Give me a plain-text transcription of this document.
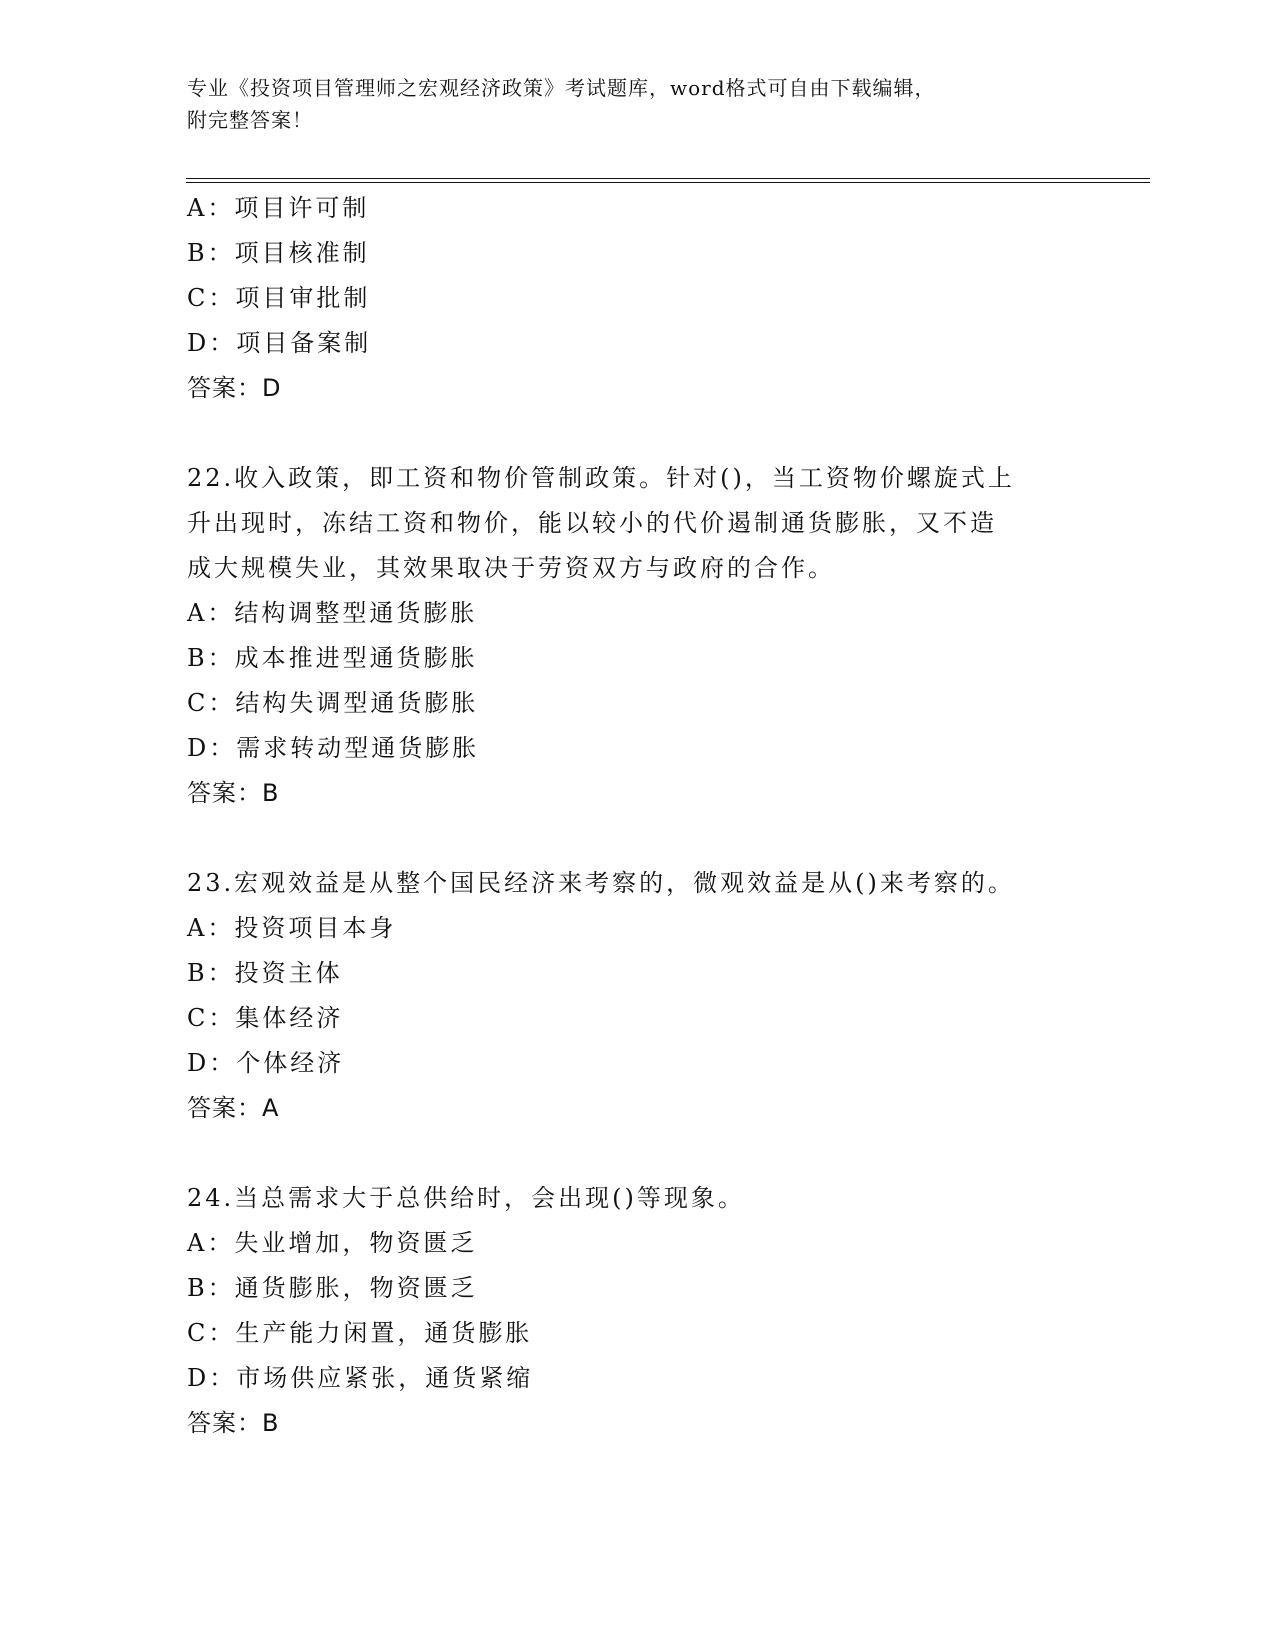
专业《投资项目管理师之宏观经济政策》考试题库，word格式可自由下载编辑，
附完整答案！
A：项目许可制
B：项目核准制
C：项目审批制
D：项目备案制
答案：D
22.收入政策，即工资和物价管制政策。针对()，当工资物价螺旋式上
升出现时，冻结工资和物价，能以较小的代价遏制通货膨胀，又不造
成大规模失业，其效果取决于劳资双方与政府的合作。
A：结构调整型通货膨胀
B：成本推进型通货膨胀
C：结构失调型通货膨胀
D：需求转动型通货膨胀
答案：B
23.宏观效益是从整个国民经济来考察的，微观效益是从()来考察的。
A：投资项目本身
B：投资主体
C：集体经济
D：个体经济
答案：A
24.当总需求大于总供给时，会出现()等现象。
A：失业增加，物资匮乏
B：通货膨胀，物资匮乏
C：生产能力闲置，通货膨胀
D：市场供应紧张，通货紧缩
答案：B
